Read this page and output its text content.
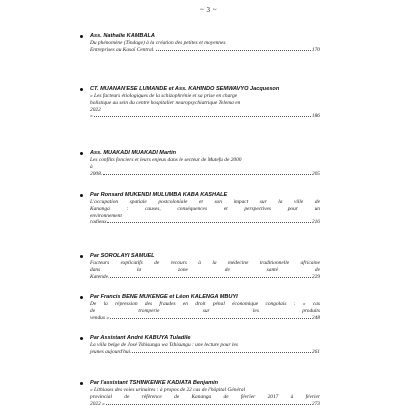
~ 3 ~
Ass. Nathalie KAMBALA
Du phénomène (Tindage) à la création des petites et moyennes
Entreprises au Kasaï Central.	170
CT. MUANAN'ESE LUMANDE et Ass. KAHINDO SEMWAVYO Jacqueson
« Les facteurs étiologiques de la schizophrénie et sa prise en charge
holistique au sein du centre hospitalier neuropsychiatrique Telema en
2022
»	186
Ass. MUAKADI MUAKADI Martin
Les conflits fonciers et leurs enjeux dans le secteur de Mutefu de 2000
à
2008.	205
Par Ronsard MUKENDI MULUMBA KABA KASHALE
L'occupation spatiale postcoloniale et son impact sur la ville de
Kananga : causes, conséquences et perspectives pour un
environnement
radieux	216
Par SOROLAYI SAMUEL
Facteurs explicatifs de recours à la médecine traditionnelle africaine
dans la zone de santé de
Katende.	229
Par Francis BENE MUKENGE et Léon KALENGA MBUYI
De la répression des fraudes en droit pénal économique congolais : « cas
de tromperie sur les produits
vendus »	248
Par Assistant André KABUYA Tuladile
La villa belge de José Tshisungu wa Tshisungu : une lecture pour les
jeunes aujourd'hui.	261
Par l'assistant TSHINKENKE KADIATA Benjamin
« Lithiases des voies urinaires : à propos de 22 cas de l'hôpital Général
provincial de référence de Kananga de février 2017 à février
2022 »	273
